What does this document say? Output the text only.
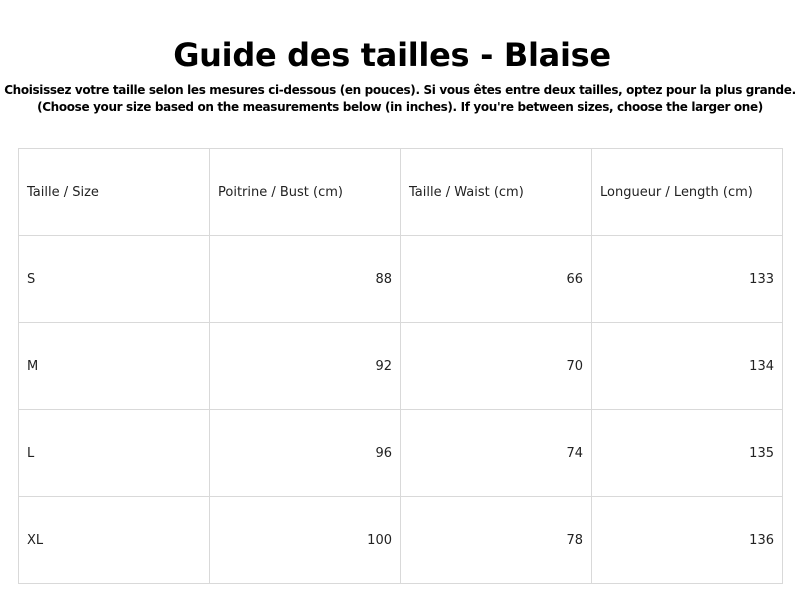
Guide des tailles - Blaise
Choisissez votre taille selon les mesures ci-dessous (en pouces). Si vous êtes entre deux tailles, optez pour la plus grande.
(Choose your size based on the measurements below (in inches). If you're between sizes, choose the larger one)
Taille / Size	Poitrine / Bust (cm)	Taille / Waist (cm)	Longueur / Length (cm)
S	88	66	133
M	92	70	134
L	96	74	135
XL	100	78	136
